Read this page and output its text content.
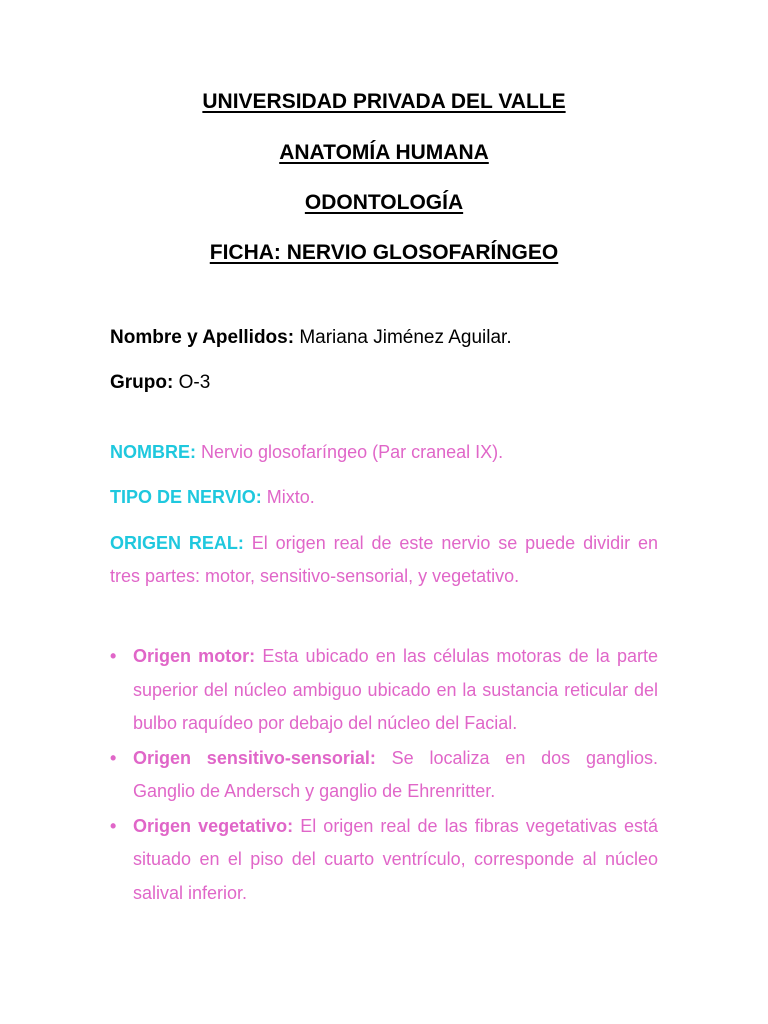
UNIVERSIDAD PRIVADA DEL VALLE
ANATOMÍA HUMANA
ODONTOLOGÍA
FICHA: NERVIO GLOSOFARÍNGEO
Nombre y Apellidos: Mariana Jiménez Aguilar.
Grupo: O-3
NOMBRE: Nervio glosofaríngeo (Par craneal IX).
TIPO DE NERVIO: Mixto.
ORIGEN REAL: El origen real de este nervio se puede dividir en tres partes: motor, sensitivo-sensorial, y vegetativo.
• Origen motor: Esta ubicado en las células motoras de la parte superior del núcleo ambiguo ubicado en la sustancia reticular del bulbo raquídeo por debajo del núcleo del Facial.
• Origen sensitivo-sensorial: Se localiza en dos ganglios. Ganglio de Andersch y ganglio de Ehrenritter.
• Origen vegetativo: El origen real de las fibras vegetativas está situado en el piso del cuarto ventrículo, corresponde al núcleo salival inferior.
